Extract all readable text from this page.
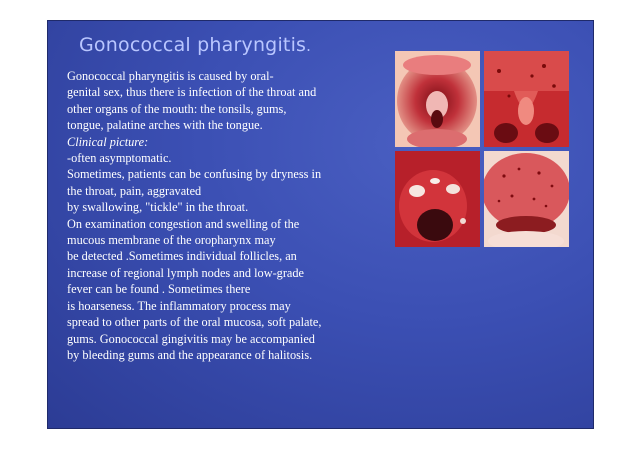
Gonococcal pharyngitis.
Gonococcal pharyngitis is caused by oral-
genital sex, thus there is infection of the throat and
other organs of the mouth: the tonsils, gums,
tongue, palatine arches with the tongue.
Clinical picture:
-often asymptomatic.
Sometimes, patients can be confusing by dryness in
the throat, pain, aggravated
by swallowing, "tickle" in the throat.
On examination congestion and swelling of the
mucous membrane of the oropharynx may
be detected .Sometimes individual follicles, an
increase of regional lymph nodes and low-grade
fever can be found . Sometimes there
is hoarseness. The inflammatory process may
spread to other parts of the oral mucosa, soft palate,
gums. Gonococcal gingivitis may be accompanied
by bleeding gums and the appearance of halitosis.
